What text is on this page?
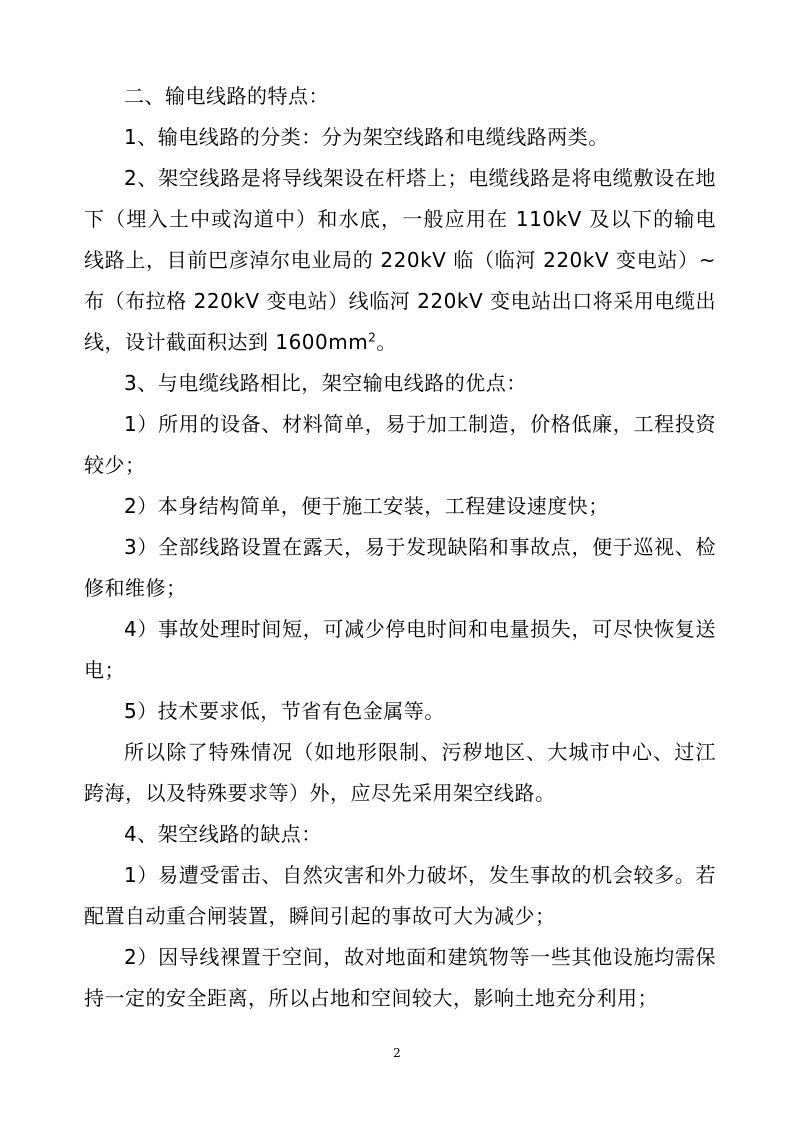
二、输电线路的特点：

1、输电线路的分类：分为架空线路和电缆线路两类。

2、架空线路是将导线架设在杆塔上；电缆线路是将电缆敷设在地下（埋入土中或沟道中）和水底，一般应用在 110kV 及以下的输电线路上，目前巴彦淖尔电业局的 220kV 临（临河 220kV 变电站）~布（布拉格 220kV 变电站）线临河 220kV 变电站出口将采用电缆出线，设计截面积达到 $1600mm^2$。

3、与电缆线路相比，架空输电线路的优点：

1）所用的设备、材料简单，易于加工制造，价格低廉，工程投资较少；

2）本身结构简单，便于施工安装，工程建设速度快；

3）全部线路设置在露天，易于发现缺陷和事故点，便于巡视、检修和维修；

4）事故处理时间短，可减少停电时间和电量损失，可尽快恢复送电；

5）技术要求低，节省有色金属等。

所以除了特殊情况（如地形限制、污秽地区、大城市中心、过江跨海，以及特殊要求等）外，应尽先采用架空线路。

4、架空线路的缺点：

1）易遭受雷击、自然灾害和外力破坏，发生事故的机会较多。若配置自动重合闸装置，瞬间引起的事故可大为减少；

2）因导线裸置于空间，故对地面和建筑物等一些其他设施均需保持一定的安全距离，所以占地和空间较大，影响土地充分利用；

2
